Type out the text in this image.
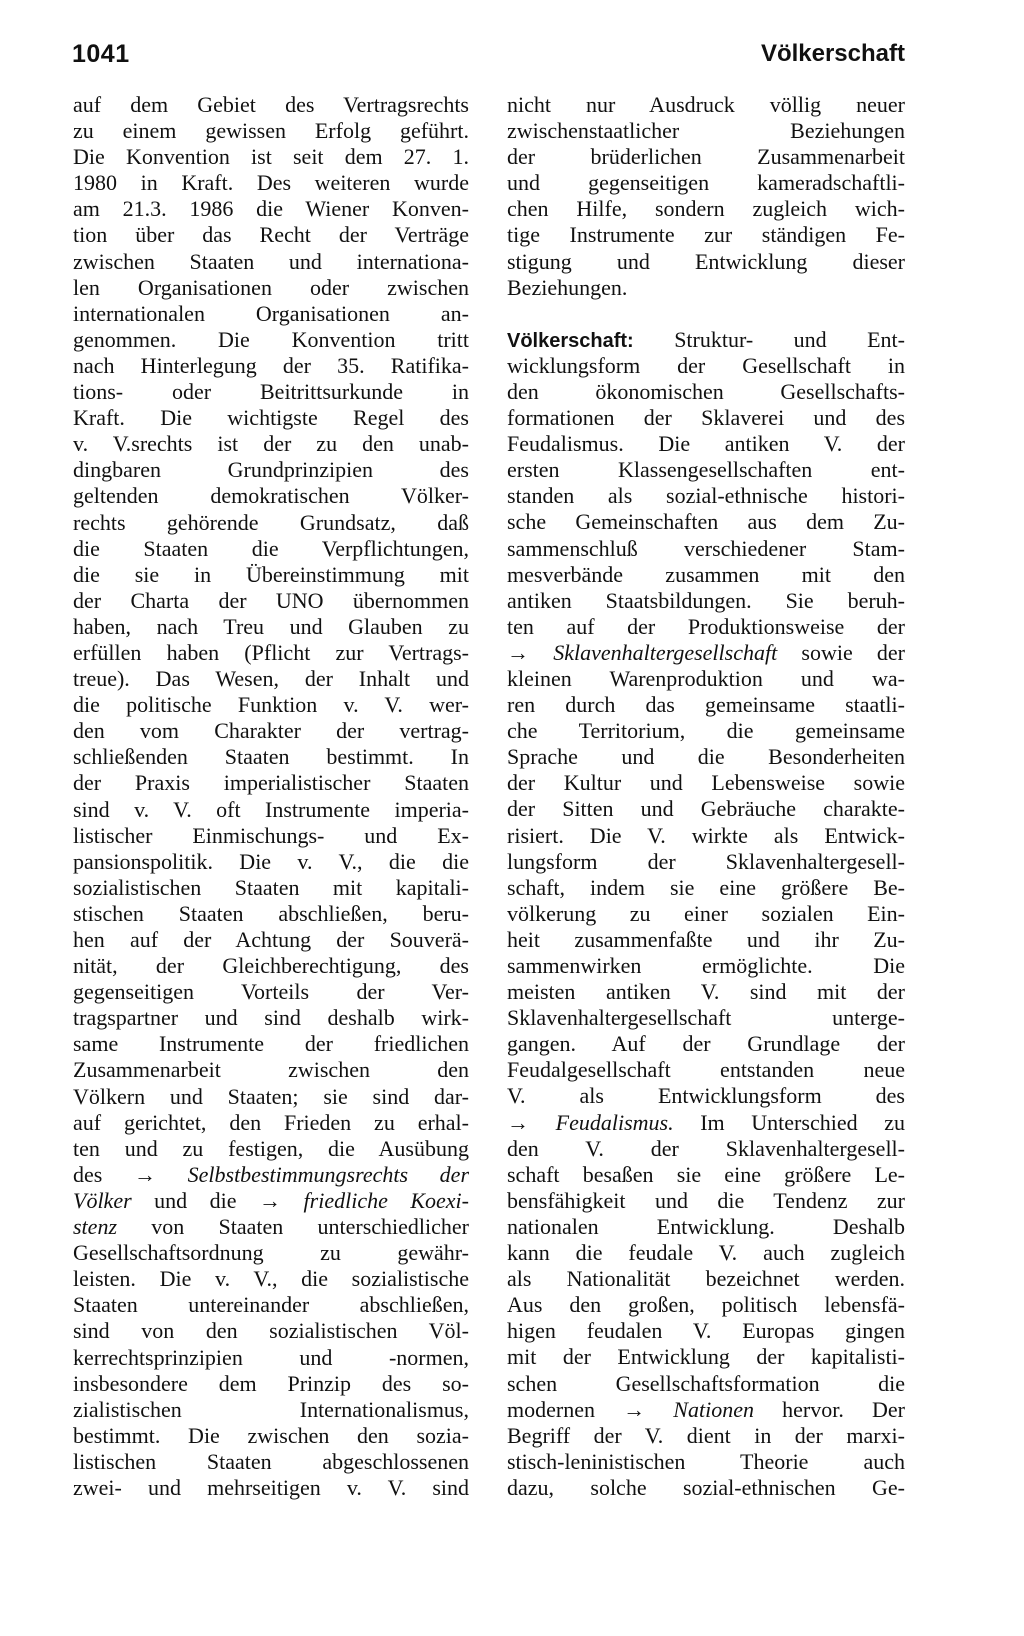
1041	Völkerschaft
auf dem Gebiet des Vertragsrechts
zu einem gewissen Erfolg geführt.
Die Konvention ist seit dem 27. 1.
1980 in Kraft. Des weiteren wurde
am 21.3. 1986 die Wiener Konven-
tion über das Recht der Verträge
zwischen Staaten und internationa-
len Organisationen oder zwischen
internationalen Organisationen an-
genommen. Die Konvention tritt
nach Hinterlegung der 35. Ratifika-
tions- oder Beitrittsurkunde in
Kraft. Die wichtigste Regel des
v. V.srechts ist der zu den unab-
dingbaren Grundprinzipien des
geltenden demokratischen Völker-
rechts gehörende Grundsatz, daß
die Staaten die Verpflichtungen,
die sie in Übereinstimmung mit
der Charta der UNO übernommen
haben, nach Treu und Glauben zu
erfüllen haben (Pflicht zur Vertrags-
treue). Das Wesen, der Inhalt und
die politische Funktion v. V. wer-
den vom Charakter der vertrag-
schließenden Staaten bestimmt. In
der Praxis imperialistischer Staaten
sind v. V. oft Instrumente imperia-
listischer Einmischungs- und Ex-
pansionspolitik. Die v. V., die die
sozialistischen Staaten mit kapitali-
stischen Staaten abschließen, beru-
hen auf der Achtung der Souverä-
nität, der Gleichberechtigung, des
gegenseitigen Vorteils der Ver-
tragspartner und sind deshalb wirk-
same Instrumente der friedlichen
Zusammenarbeit zwischen den
Völkern und Staaten; sie sind dar-
auf gerichtet, den Frieden zu erhal-
ten und zu festigen, die Ausübung
des → Selbstbestimmungsrechts der
Völker und die → friedliche Koexi-
stenz von Staaten unterschiedlicher
Gesellschaftsordnung zu gewähr-
leisten. Die v. V., die sozialistische
Staaten untereinander abschließen,
sind von den sozialistischen Völ-
kerrechtsprinzipien und -normen,
insbesondere dem Prinzip des so-
zialistischen Internationalismus,
bestimmt. Die zwischen den sozia-
listischen Staaten abgeschlossenen
zwei- und mehrseitigen v. V. sind
nicht nur Ausdruck völlig neuer
zwischenstaatlicher Beziehungen
der brüderlichen Zusammenarbeit
und gegenseitigen kameradschaftli-
chen Hilfe, sondern zugleich wich-
tige Instrumente zur ständigen Fe-
stigung und Entwicklung dieser
Beziehungen.
Völkerschaft: Struktur- und Ent-
wicklungsform der Gesellschaft in
den ökonomischen Gesellschafts-
formationen der Sklaverei und des
Feudalismus. Die antiken V. der
ersten Klassengesellschaften ent-
standen als sozial-ethnische histori-
sche Gemeinschaften aus dem Zu-
sammenschluß verschiedener Stam-
mesverbände zusammen mit den
antiken Staatsbildungen. Sie beruh-
ten auf der Produktionsweise der
→ Sklavenhaltergesellschaft sowie der
kleinen Warenproduktion und wa-
ren durch das gemeinsame staatli-
che Territorium, die gemeinsame
Sprache und die Besonderheiten
der Kultur und Lebensweise sowie
der Sitten und Gebräuche charakte-
risiert. Die V. wirkte als Entwick-
lungsform der Sklavenhaltergesell-
schaft, indem sie eine größere Be-
völkerung zu einer sozialen Ein-
heit zusammenfaßte und ihr Zu-
sammenwirken ermöglichte. Die
meisten antiken V. sind mit der
Sklavenhaltergesellschaft unterge-
gangen. Auf der Grundlage der
Feudalgesellschaft entstanden neue
V. als Entwicklungsform des
→ Feudalismus. Im Unterschied zu
den V. der Sklavenhaltergesell-
schaft besaßen sie eine größere Le-
bensfähigkeit und die Tendenz zur
nationalen Entwicklung. Deshalb
kann die feudale V. auch zugleich
als Nationalität bezeichnet werden.
Aus den großen, politisch lebensfä-
higen feudalen V. Europas gingen
mit der Entwicklung der kapitalisti-
schen Gesellschaftsformation die
modernen → Nationen hervor. Der
Begriff der V. dient in der marxi-
stisch-leninistischen Theorie auch
dazu, solche sozial-ethnischen Ge-
